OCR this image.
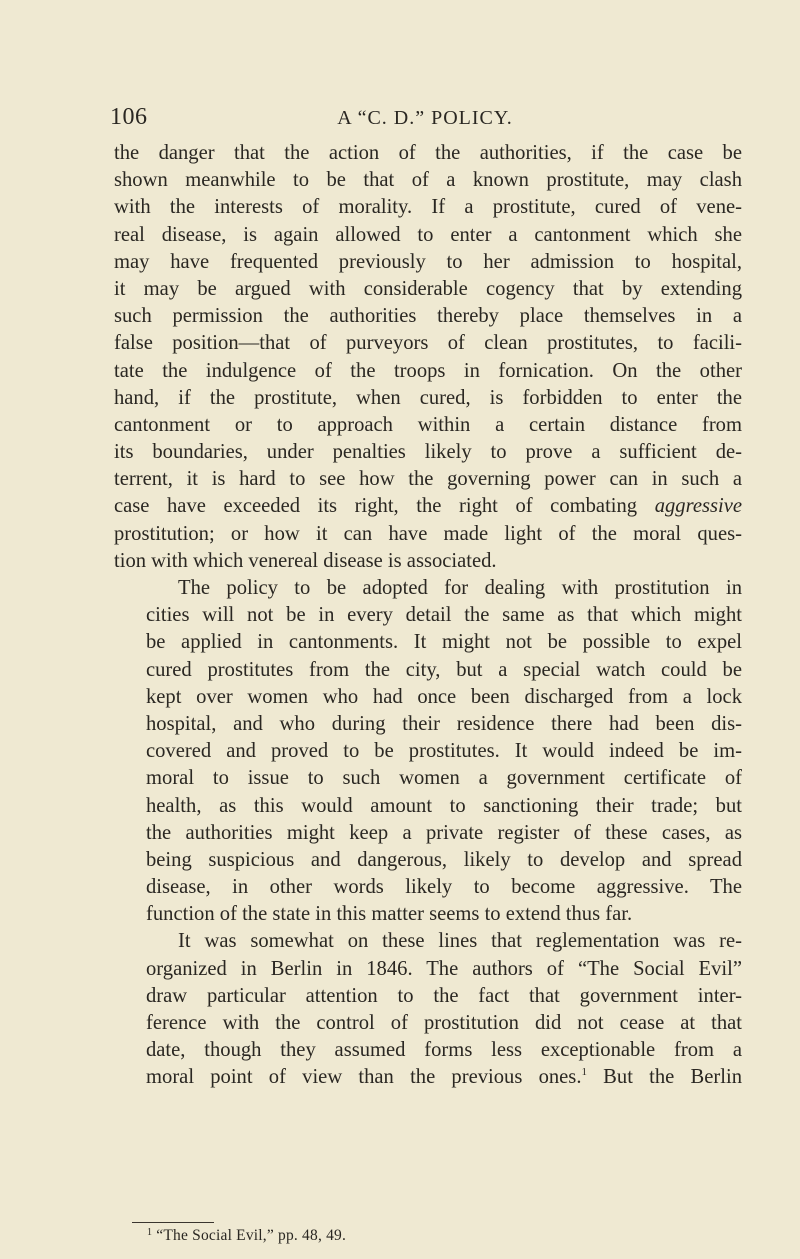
106	A “C. D.” POLICY.
the danger that the action of the authorities, if the case be
shown meanwhile to be that of a known prostitute, may clash
with the interests of morality. If a prostitute, cured of vene-
real disease, is again allowed to enter a cantonment which she
may have frequented previously to her admission to hospital,
it may be argued with considerable cogency that by extending
such permission the authorities thereby place themselves in a
false position—that of purveyors of clean prostitutes, to facili-
tate the indulgence of the troops in fornication. On the other
hand, if the prostitute, when cured, is forbidden to enter the
cantonment or to approach within a certain distance from
its boundaries, under penalties likely to prove a sufficient de-
terrent, it is hard to see how the governing power can in such a
case have exceeded its right, the right of combating aggressive
prostitution; or how it can have made light of the moral ques-
tion with which venereal disease is associated.
The policy to be adopted for dealing with prostitution in
cities will not be in every detail the same as that which might
be applied in cantonments. It might not be possible to expel
cured prostitutes from the city, but a special watch could be
kept over women who had once been discharged from a lock
hospital, and who during their residence there had been dis-
covered and proved to be prostitutes. It would indeed be im-
moral to issue to such women a government certificate of
health, as this would amount to sanctioning their trade; but
the authorities might keep a private register of these cases, as
being suspicious and dangerous, likely to develop and spread
disease, in other words likely to become aggressive. The
function of the state in this matter seems to extend thus far.
It was somewhat on these lines that reglementation was re-
organized in Berlin in 1846. The authors of “The Social Evil”
draw particular attention to the fact that government inter-
ference with the control of prostitution did not cease at that
date, though they assumed forms less exceptionable from a
moral point of view than the previous ones.$^1$ But the Berlin
$^1$ “The Social Evil,” pp. 48, 49.
